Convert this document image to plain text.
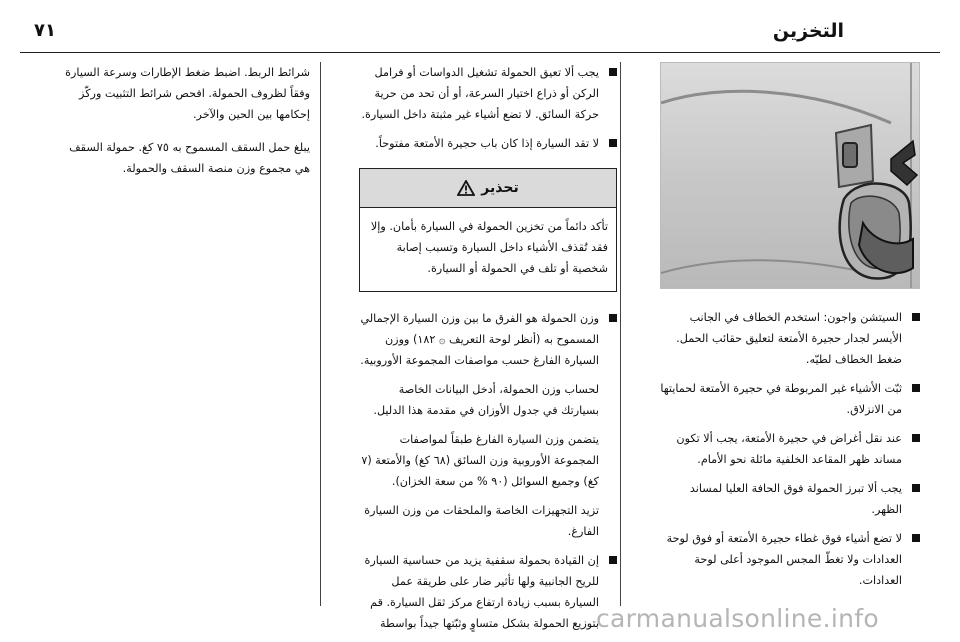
التخزين
٧١
السيتشن واجون: استخدم الخطاف في الجانب الأيسر لجدار حجيرة الأمتعة لتعليق حقائب الحمل. ضغط الخطاف لطيّه.
ثبّت الأشياء غير المربوطة في حجيرة الأمتعة لحمايتها من الانزلاق.
عند نقل أغراض في حجيرة الأمتعة، يجب ألا تكون مساند ظهر المقاعد الخلفية مائلة نحو الأمام.
يجب ألا تبرز الحمولة فوق الحافة العليا لمساند الظهر.
لا تضع أشياء فوق غطاء حجيرة الأمتعة أو فوق لوحة العدادات ولا تغطّ المجس الموجود أعلى لوحة العدادات.
يجب ألا تعيق الحمولة تشغيل الدواسات أو فرامل الركن أو ذراع اختيار السرعة، أو أن تحد من حرية حركة السائق. لا تضع أشياء غير مثبتة داخل السيارة.
لا تقد السيارة إذا كان باب حجيرة الأمتعة مفتوحاً.
تحذير
تأكد دائماً من تخزين الحمولة في السيارة بأمان. وإلا فقد تُقذف الأشياء داخل السيارة وتسبب إصابة شخصية أو تلف في الحمولة أو السيارة.
وزن الحمولة هو الفرق ما بين وزن السيارة الإجمالي المسموح به (أنظر لوحة التعريف ۞ ١٨٢) ووزن السيارة الفارغ حسب مواصفات المجموعة الأوروبية.

لحساب وزن الحمولة، أدخل البيانات الخاصة بسيارتك في جدول الأوزان في مقدمة هذا الدليل.

يتضمن وزن السيارة الفارغ طبقاً لمواصفات المجموعة الأوروبية وزن السائق (٦٨ كغ) والأمتعة (٧ كغ) وجميع السوائل (٩٠ % من سعة الخزان).

تزيد التجهيزات الخاصة والملحقات من وزن السيارة الفارغ.

إن القيادة بحمولة سقفية يزيد من حساسية السيارة للريح الجانبية ولها تأثير ضار على طريقة عمل السيارة بسبب زيادة ارتفاع مركز ثقل السيارة. قم بتوزيع الحمولة بشكل متساوٍ وثبّتها جيداً بواسطة

شرائط الربط. اضبط ضغط الإطارات وسرعة السيارة وفقاً لظروف الحمولة. افحص شرائط التثبيت وركّز إحكامها بين الحين والآخر.

يبلغ حمل السقف المسموح به ٧٥ كغ. حمولة السقف هي مجموع وزن منصة السقف والحمولة.

carmanualsonline.info
